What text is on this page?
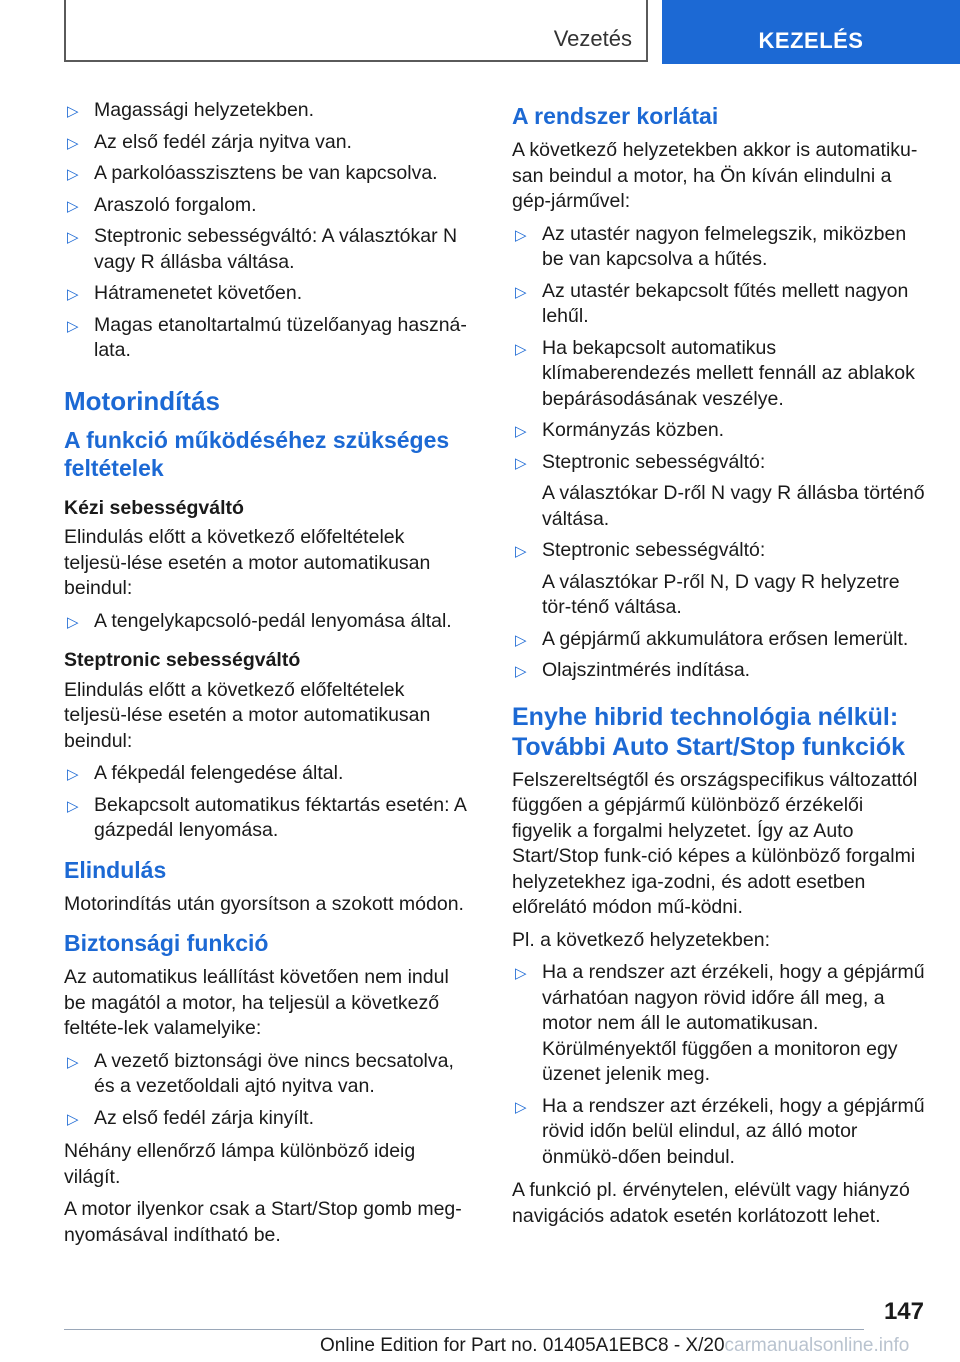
Vezetés	KEZELÉS
▷ Magassági helyzetekben.
▷ Az első fedél zárja nyitva van.
▷ A parkolóasszisztens be van kapcsolva.
▷ Araszoló forgalom.
▷ Steptronic sebességváltó: A választókar N vagy R állásba váltása.
▷ Hátramenetet követően.
▷ Magas etanoltartalmú tüzelőanyag haszná-lata.
Motorindítás
A funkció működéséhez szükséges feltételek
Kézi sebességváltó

Elindulás előtt a következő előfeltételek teljesü-lése esetén a motor automatikusan beindul:

▷ A tengelykapcsoló-pedál lenyomása által.
Steptronic sebességváltó

Elindulás előtt a következő előfeltételek teljesü-lése esetén a motor automatikusan beindul:

▷ A fékpedál felengedése által.
▷ Bekapcsolt automatikus féktartás esetén: A gázpedál lenyomása.
Elindulás

Motorindítás után gyorsítson a szokott módon.

Biztonsági funkció

Az automatikus leállítást követően nem indul be magától a motor, ha teljesül a következő feltéte-lek valamelyike:

▷ A vezető biztonsági öve nincs becsatolva, és a vezetőoldali ajtó nyitva van.
▷ Az első fedél zárja kinyílt.

Néhány ellenőrző lámpa különböző ideig világít.

A motor ilyenkor csak a Start/Stop gomb meg-nyomásával indítható be.

A rendszer korlátai

A következő helyzetekben akkor is automatiku-san beindul a motor, ha Ön kíván elindulni a gép-járművel:

▷ Az utastér nagyon felmelegszik, miközben be van kapcsolva a hűtés.
▷ Az utastér bekapcsolt fűtés mellett nagyon lehűl.
▷ Ha bekapcsolt automatikus klímaberendezés mellett fennáll az ablakok bepárásodásának veszélye.
▷ Kormányzás közben.
▷ Steptronic sebességváltó:
A választókar D-ről N vagy R állásba történő váltása.
▷ Steptronic sebességváltó:
A választókar P-ről N, D vagy R helyzetre tör-ténő váltása.
▷ A gépjármű akkumulátora erősen lemerült.
▷ Olajszintmérés indítása.
Enyhe hibrid technológia nélkül: További Auto Start/Stop funkciók

Felszereltségtől és országspecifikus változattól függően a gépjármű különböző érzékelői figyelik a forgalmi helyzetet. Így az Auto Start/Stop funk-ció képes a különböző forgalmi helyzetekhez iga-zodni, és adott esetben előrelátó módon mű-ködni.

Pl. a következő helyzetekben:

▷ Ha a rendszer azt érzékeli, hogy a gépjármű várhatóan nagyon rövid időre áll meg, a motor nem áll le automatikusan. Körülményektől függően a monitoron egy üzenet jelenik meg.
▷ Ha a rendszer azt érzékeli, hogy a gépjármű rövid időn belül elindul, az álló motor önmükö-dően beindul.

A funkció pl. érvénytelen, elévült vagy hiányzó navigációs adatok esetén korlátozott lehet.

147
Online Edition for Part no. 01405A1EBC8 - X/20carmanualsonline.info
